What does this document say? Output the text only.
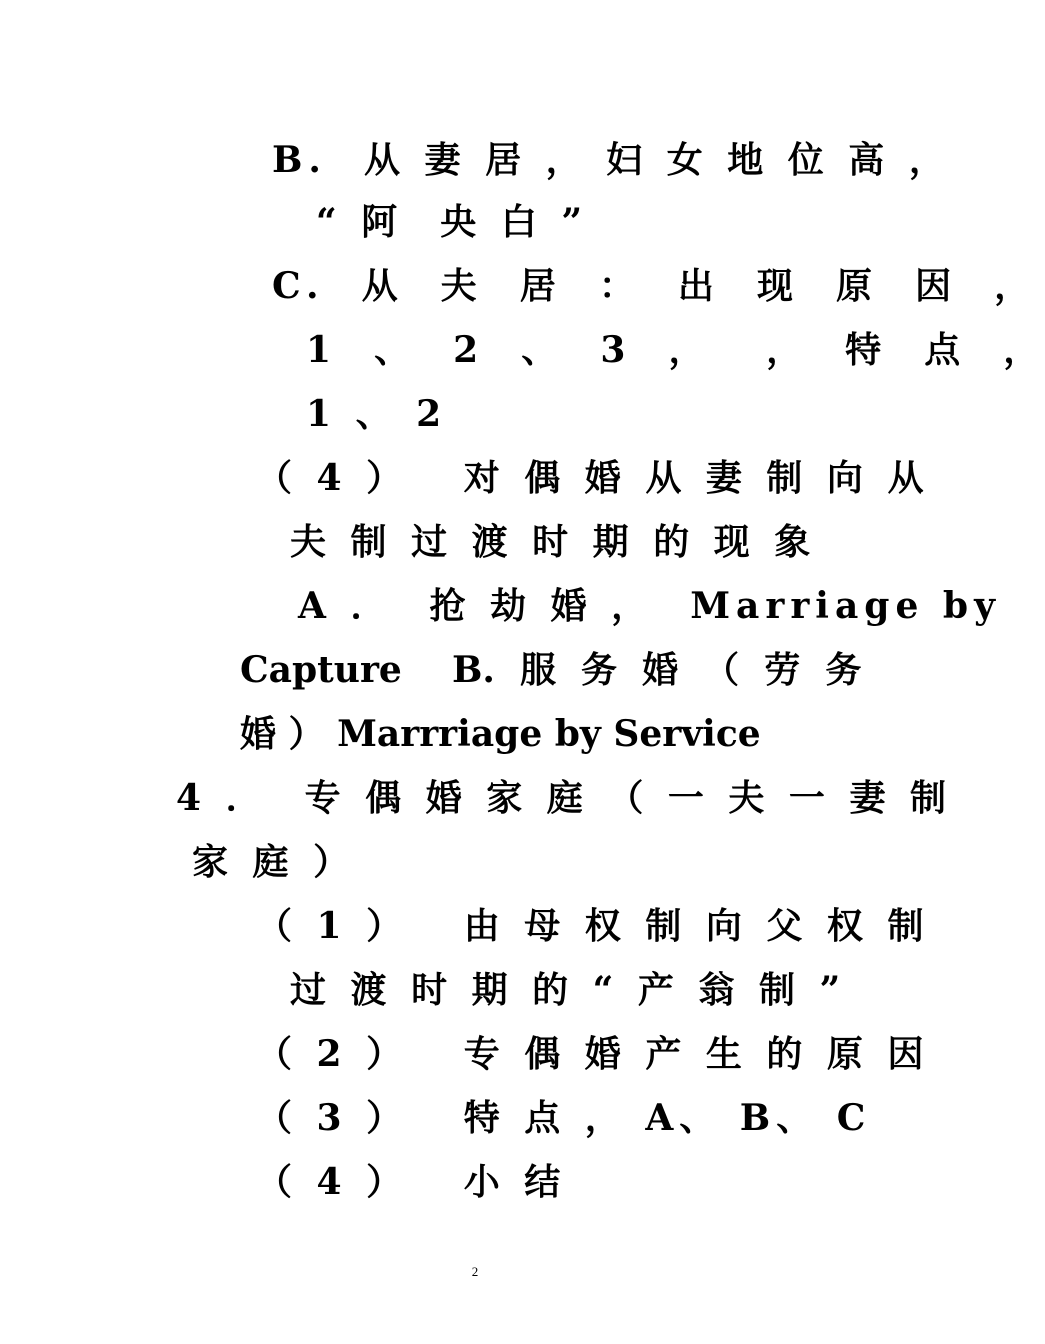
B.  从 妻 居 ， 妇 女 地 位 高 ，
“ 阿  央 白 ”
C.  从  夫  居  ：  出  现  原  因  ，
1  、  2  、  3  ，   ，  特  点  ，
1 、 2
（ 4 ）   对 偶 婚 从 妻 制 向 从
夫 制 过 渡 时 期 的 现 象
A ．  抢 劫 婚 ，  Marriage by
Capture    B.  服  务  婚  （  劳  务
婚 ） Marrriage by Service
4 ．  专 偶 婚 家 庭 （ 一 夫 一 妻 制
家 庭 ）
（ 1 ）   由 母 权 制 向 父 权 制
过 渡 时 期 的 “ 产 翁 制 ”
（ 2 ）   专 偶 婚 产 生 的 原 因
（ 3 ）   特 点 ， A、 B、 C
（ 4 ）   小 结
2
